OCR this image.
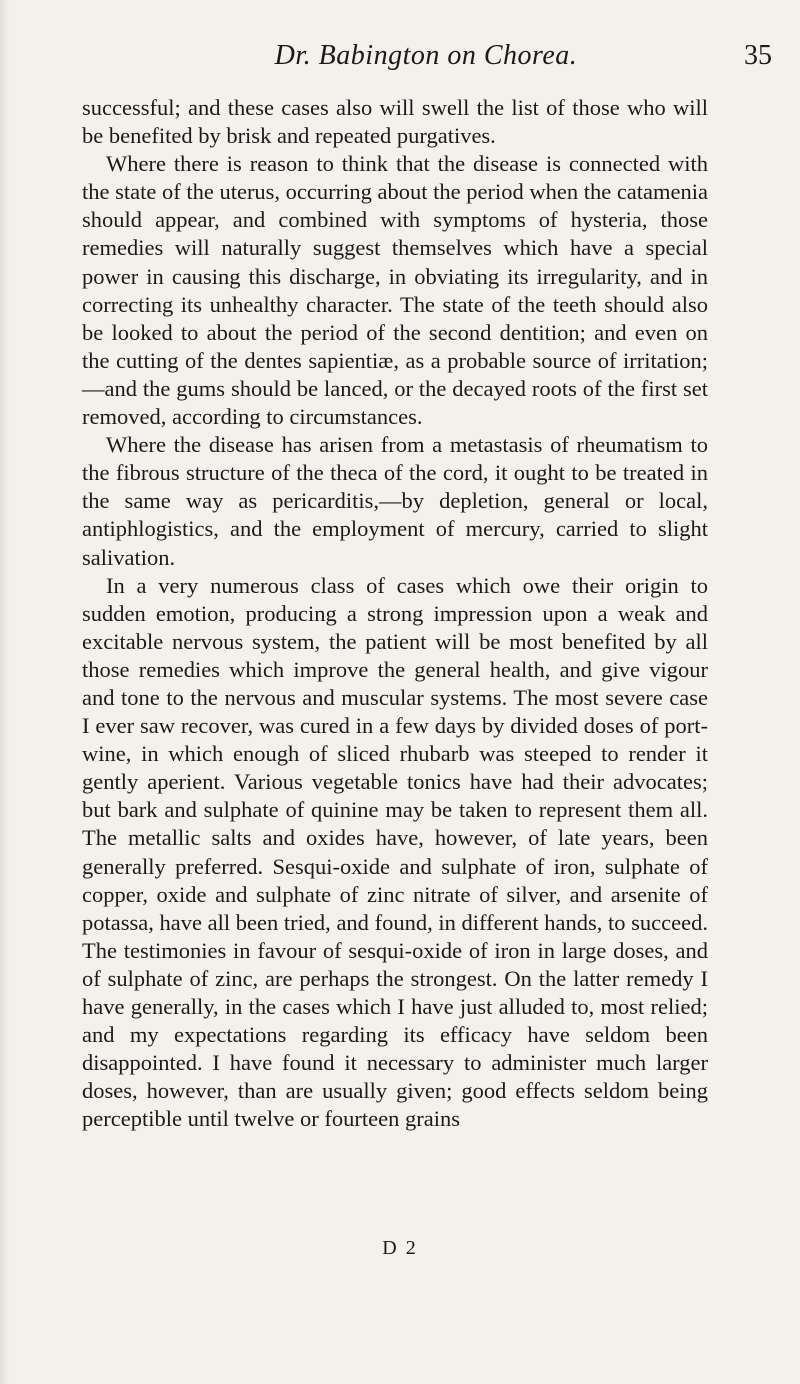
Dr. Babington on Chorea.	35

successful; and these cases also will swell the list of those who will be benefited by brisk and repeated purgatives.

Where there is reason to think that the disease is connected with the state of the uterus, occurring about the period when the catamenia should appear, and combined with symptoms of hysteria, those remedies will naturally suggest themselves which have a special power in causing this discharge, in obviating its irregularity, and in correcting its unhealthy character. The state of the teeth should also be looked to about the period of the second dentition; and even on the cutting of the dentes sapientiæ, as a probable source of irritation;—and the gums should be lanced, or the decayed roots of the first set removed, according to circumstances.

Where the disease has arisen from a metastasis of rheumatism to the fibrous structure of the theca of the cord, it ought to be treated in the same way as pericarditis,—by depletion, general or local, antiphlogistics, and the employment of mercury, carried to slight salivation.

In a very numerous class of cases which owe their origin to sudden emotion, producing a strong impression upon a weak and excitable nervous system, the patient will be most benefited by all those remedies which improve the general health, and give vigour and tone to the nervous and muscular systems. The most severe case I ever saw recover, was cured in a few days by divided doses of port-wine, in which enough of sliced rhubarb was steeped to render it gently aperient. Various vegetable tonics have had their advocates; but bark and sulphate of quinine may be taken to represent them all. The metallic salts and oxides have, however, of late years, been generally preferred. Sesqui-oxide and sulphate of iron, sulphate of copper, oxide and sulphate of zinc nitrate of silver, and arsenite of potassa, have all been tried, and found, in different hands, to succeed. The testimonies in favour of sesqui-oxide of iron in large doses, and of sulphate of zinc, are perhaps the strongest. On the latter remedy I have generally, in the cases which I have just alluded to, most relied; and my expectations regarding its efficacy have seldom been disappointed. I have found it necessary to administer much larger doses, however, than are usually given; good effects seldom being perceptible until twelve or fourteen grains

D 2
